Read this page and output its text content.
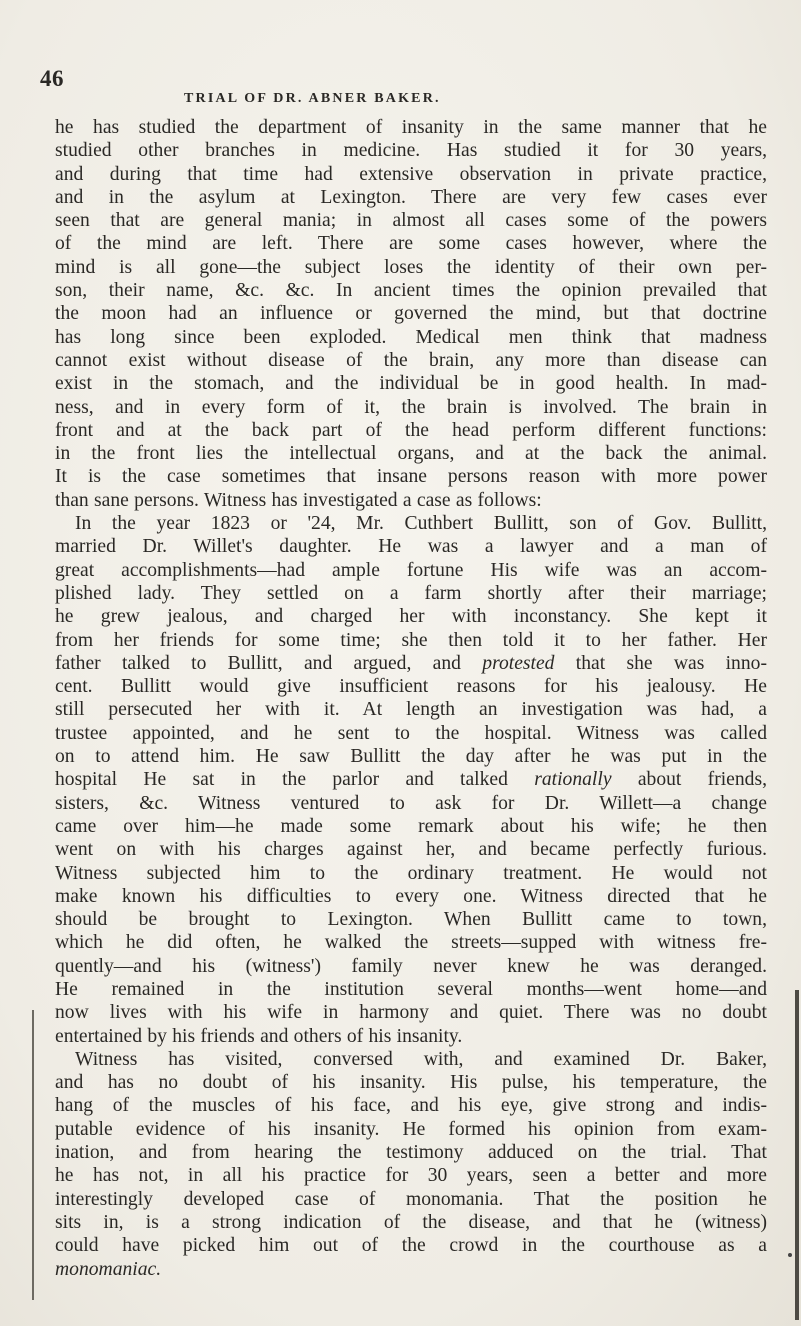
46
TRIAL OF DR. ABNER BAKER.
he has studied the department of insanity in the same manner that he
studied other branches in medicine. Has studied it for 30 years,
and during that time had extensive observation in private practice,
and in the asylum at Lexington. There are very few cases ever
seen that are general mania; in almost all cases some of the powers
of the mind are left. There are some cases however, where the
mind is all gone—the subject loses the identity of their own per-
son, their name, &c. &c. In ancient times the opinion prevailed that
the moon had an influence or governed the mind, but that doctrine
has long since been exploded. Medical men think that madness
cannot exist without disease of the brain, any more than disease can
exist in the stomach, and the individual be in good health. In mad-
ness, and in every form of it, the brain is involved. The brain in
front and at the back part of the head perform different functions:
in the front lies the intellectual organs, and at the back the animal.
It is the case sometimes that insane persons reason with more power
than sane persons. Witness has investigated a case as follows:
In the year 1823 or '24, Mr. Cuthbert Bullitt, son of Gov. Bullitt,
married Dr. Willet's daughter. He was a lawyer and a man of
great accomplishments—had ample fortune His wife was an accom-
plished lady. They settled on a farm shortly after their marriage;
he grew jealous, and charged her with inconstancy. She kept it
from her friends for some time; she then told it to her father. Her
father talked to Bullitt, and argued, and protested that she was inno-
cent. Bullitt would give insufficient reasons for his jealousy. He
still persecuted her with it. At length an investigation was had, a
trustee appointed, and he sent to the hospital. Witness was called
on to attend him. He saw Bullitt the day after he was put in the
hospital He sat in the parlor and talked rationally about friends,
sisters, &c. Witness ventured to ask for Dr. Willett—a change
came over him—he made some remark about his wife; he then
went on with his charges against her, and became perfectly furious.
Witness subjected him to the ordinary treatment. He would not
make known his difficulties to every one. Witness directed that he
should be brought to Lexington. When Bullitt came to town,
which he did often, he walked the streets—supped with witness fre-
quently—and his (witness') family never knew he was deranged.
He remained in the institution several months—went home—and
now lives with his wife in harmony and quiet. There was no doubt
entertained by his friends and others of his insanity.
Witness has visited, conversed with, and examined Dr. Baker,
and has no doubt of his insanity. His pulse, his temperature, the
hang of the muscles of his face, and his eye, give strong and indis-
putable evidence of his insanity. He formed his opinion from exam-
ination, and from hearing the testimony adduced on the trial. That
he has not, in all his practice for 30 years, seen a better and more
interestingly developed case of monomania. That the position he
sits in, is a strong indication of the disease, and that he (witness)
could have picked him out of the crowd in the courthouse as a
monomaniac.
